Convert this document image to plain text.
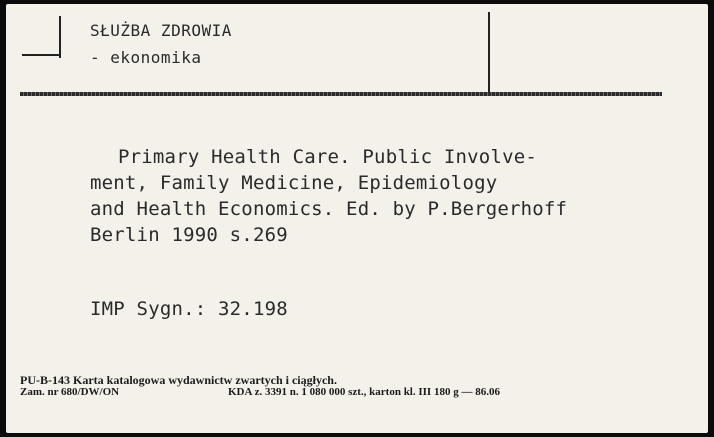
SŁUŻBA ZDROWIA
- ekonomika
Primary Health Care. Public Involve-
ment, Family Medicine, Epidemiology
and Health Economics. Ed. by P.Bergerhoff
Berlin 1990 s.269
IMP Sygn.: 32.198
PU-B-143 Karta katalogowa wydawnictw zwartych i ciągłych.
Zam. nr 680/DW/ON	KDA z. 3391 n. 1 080 000 szt., karton kl. III 180 g — 86.06
